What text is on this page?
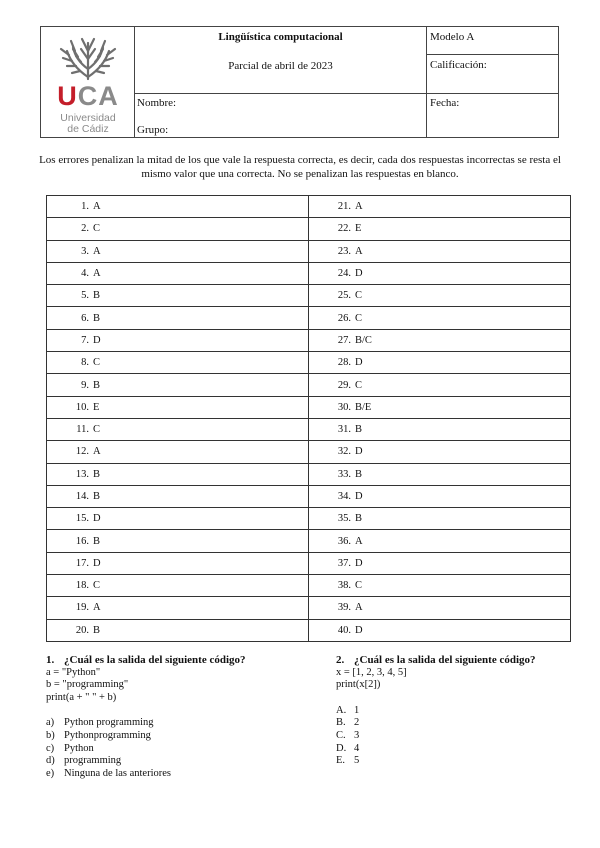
UCA
Universidad
de Cádiz
Lingüística computacional
Parcial de abril de 2023
Modelo A
Calificación:
Nombre:
Grupo:
Fecha:
Los errores penalizan la mitad de los que vale la respuesta correcta, es decir, cada dos respuestas incorrectas se resta el mismo valor que una correcta. No se penalizan las respuestas en blanco.
1. A	21. A
2. C	22. E
3. A	23. A
4. A	24. D
5. B	25. C
6. B	26. C
7. D	27. B/C
8. C	28. D
9. B	29. C
10. E	30. B/E
11. C	31. B
12. A	32. D
13. B	33. B
14. B	34. D
15. D	35. B
16. B	36. A
17. D	37. D
18. C	38. C
19. A	39. A
20. B	40. D
1. ¿Cuál es la salida del siguiente código?
a = "Python"
b = "programming"
print(a + " " + b)
a) Python programming
b) Pythonprogramming
c) Python
d) programming
e) Ninguna de las anteriores
2. ¿Cuál es la salida del siguiente código?
x = [1, 2, 3, 4, 5]
print(x[2])
A. 1
B. 2
C. 3
D. 4
E. 5
